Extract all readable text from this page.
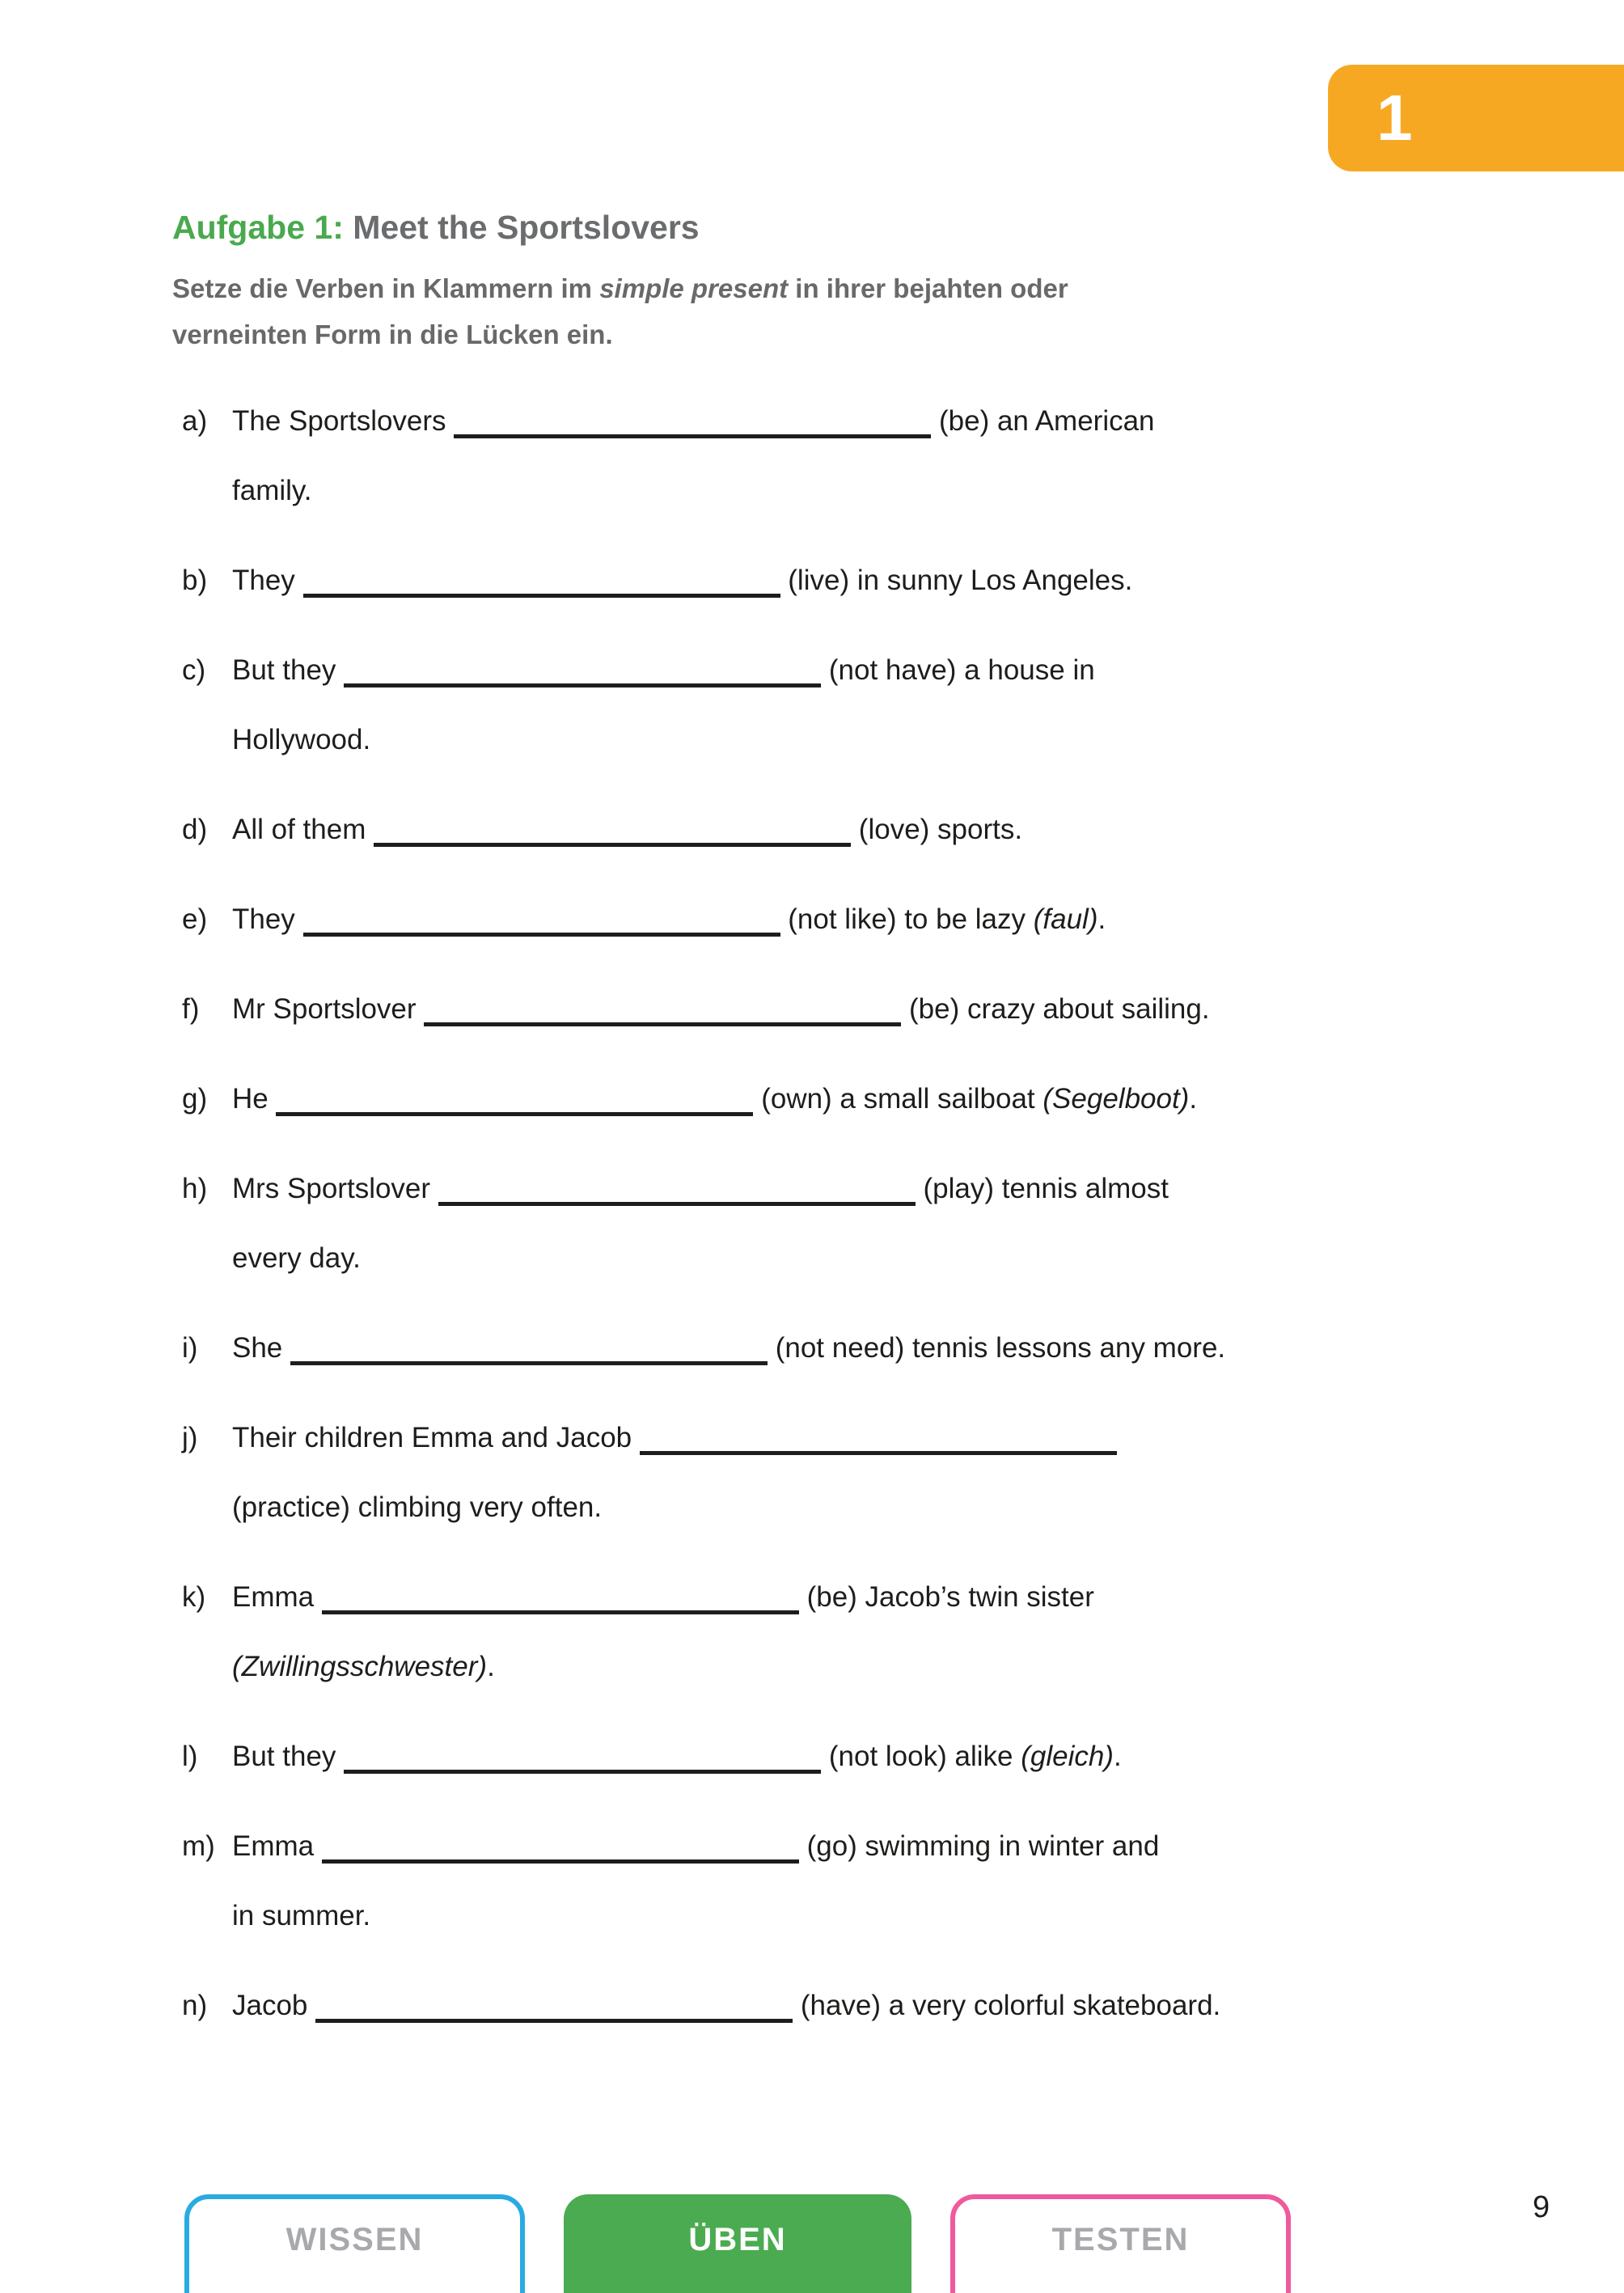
1
Aufgabe 1: Meet the Sportslovers
Setze die Verben in Klammern im simple present in ihrer bejahten oder
verneinten Form in die Lücken ein.
a) The Sportslovers	(be) an American
family.
b) They	(live) in sunny Los Angeles.
c) But they	(not have) a house in
Hollywood.
d) All of them	(love) sports.
e) They	(not like) to be lazy (faul).
f)	Mr Sportslover	(be) crazy about sailing.
g) He	(own) a small sailboat (Segelboot).
h) Mrs Sportslover	(play) tennis almost
every day.
i)	She	(not need) tennis lessons any more.
j)	Their children Emma and Jacob
(practice) climbing very often.
k) Emma	(be) Jacob’s twin sister
(Zwillingsschwester).
l)	But they	(not look) alike (gleich).
m) Emma	(go) swimming in winter and
in summer.
n) Jacob	(have) a very colorful skateboard.
WISSEN	ÜBEN	TESTEN
9
